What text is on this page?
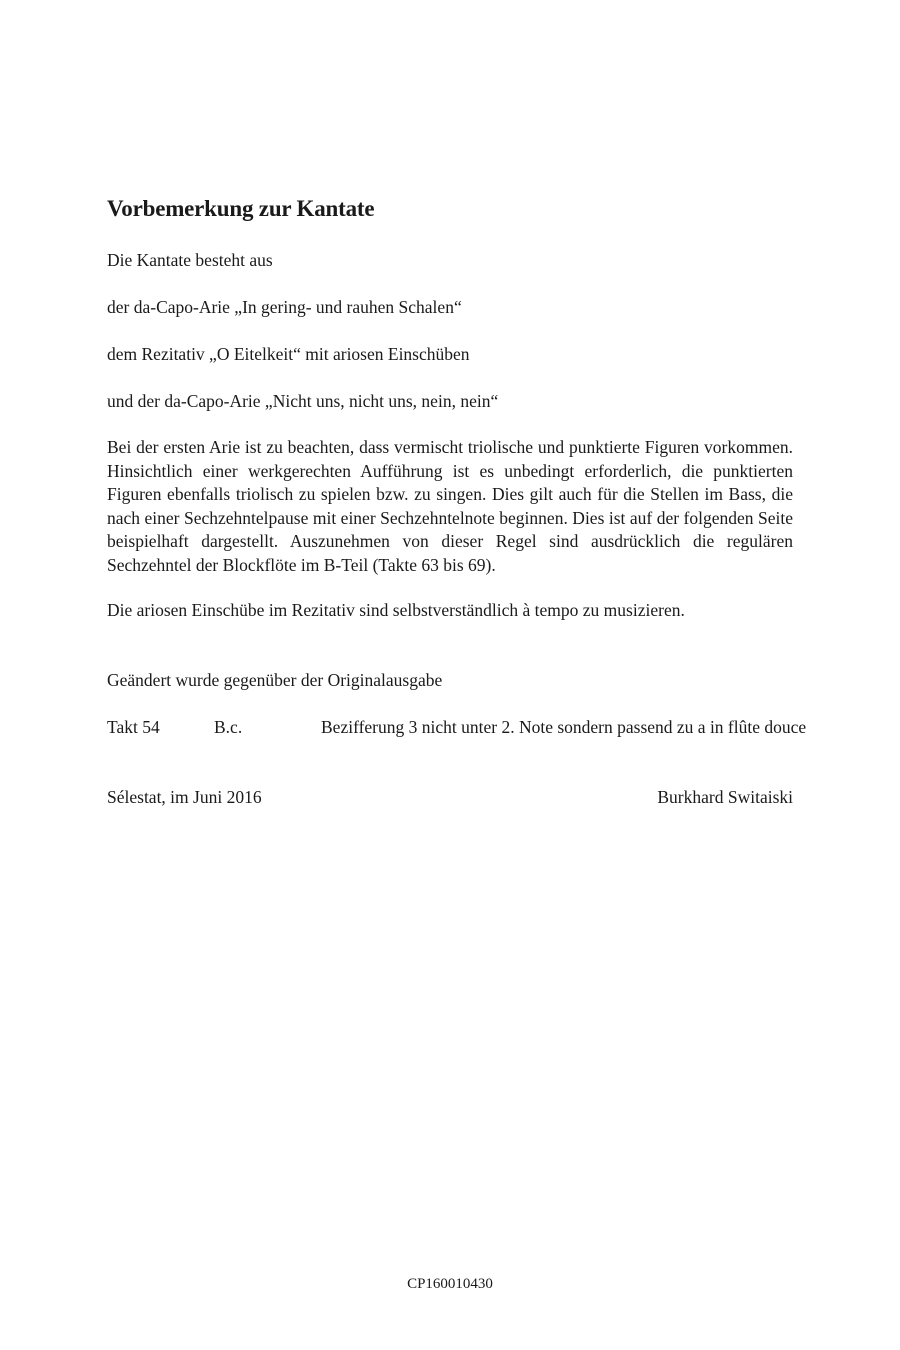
Vorbemerkung zur Kantate

Die Kantate besteht aus

der da-Capo-Arie „In gering- und rauhen Schalen“

dem Rezitativ „O Eitelkeit“ mit ariosen Einschüben

und der da-Capo-Arie „Nicht uns, nicht uns, nein, nein“

Bei der ersten Arie ist zu beachten, dass vermischt triolische und punktierte Figuren vorkommen. Hinsichtlich einer werkgerechten Aufführung ist es unbedingt erforderlich, die punktierten Figuren ebenfalls triolisch zu spielen bzw. zu singen. Dies gilt auch für die Stellen im Bass, die nach einer Sechzehntelpause mit einer Sechzehntelnote beginnen. Dies ist auf der folgenden Seite beispielhaft dargestellt. Auszunehmen von dieser Regel sind ausdrücklich die regulären Sechzehntel der Blockflöte im B-Teil (Takte 63 bis 69).

Die ariosen Einschübe im Rezitativ sind selbstverständlich à tempo zu musizieren.

Geändert wurde gegenüber der Originalausgabe

Takt 54	B.c.	Bezifferung 3 nicht unter 2. Note sondern passend zu a in flûte douce
Sélestat, im Juni 2016	Burkhard Switaiski
CP160010430
